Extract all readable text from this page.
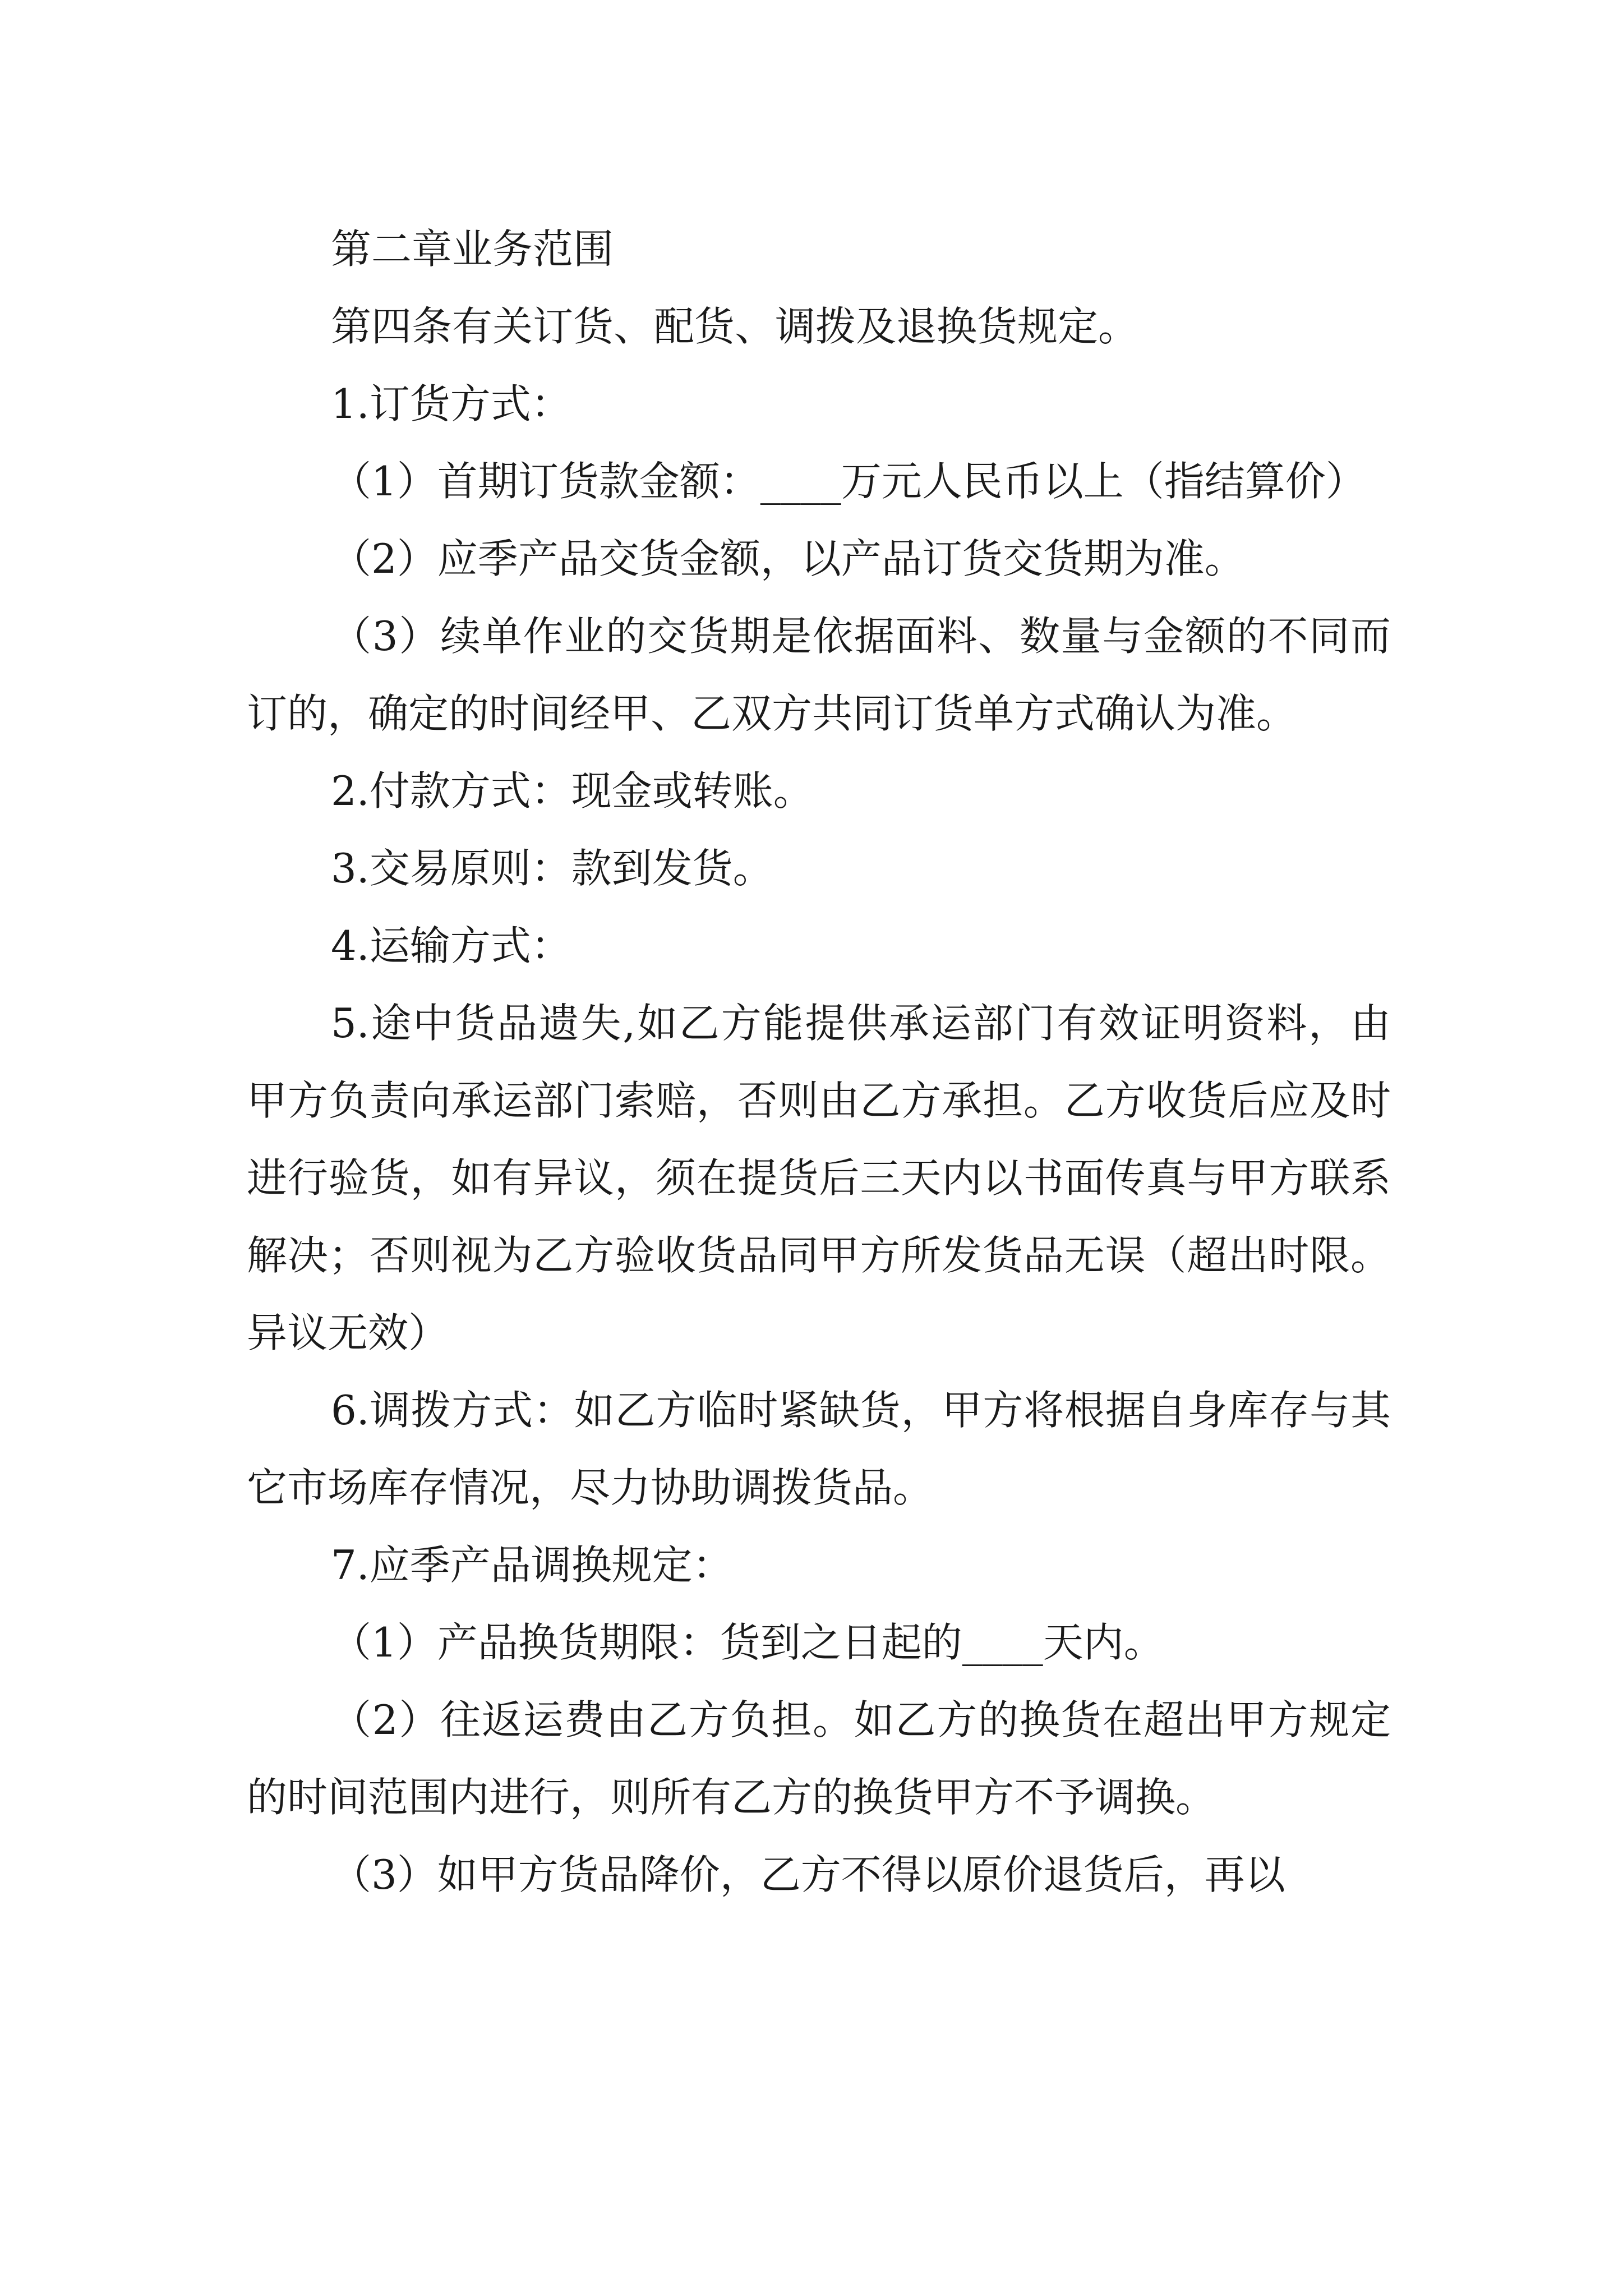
第二章业务范围

第四条有关订货、配货、调拨及退换货规定。

1.订货方式：

（1）首期订货款金额：____万元人民币以上（指结算价）

（2）应季产品交货金额，以产品订货交货期为准。

（3）续单作业的交货期是依据面料、数量与金额的不同而订的，确定的时间经甲、乙双方共同订货单方式确认为准。

2.付款方式：现金或转账。

3.交易原则：款到发货。

4.运输方式：

5.途中货品遗失,如乙方能提供承运部门有效证明资料，由甲方负责向承运部门索赔，否则由乙方承担。乙方收货后应及时进行验货，如有异议，须在提货后三天内以书面传真与甲方联系解决；否则视为乙方验收货品同甲方所发货品无误（超出时限。异议无效）

6.调拨方式：如乙方临时紧缺货，甲方将根据自身库存与其它市场库存情况，尽力协助调拨货品。

7.应季产品调换规定：

（1）产品换货期限：货到之日起的____天内。

（2）往返运费由乙方负担。如乙方的换货在超出甲方规定的时间范围内进行，则所有乙方的换货甲方不予调换。

（3）如甲方货品降价，乙方不得以原价退货后，再以
